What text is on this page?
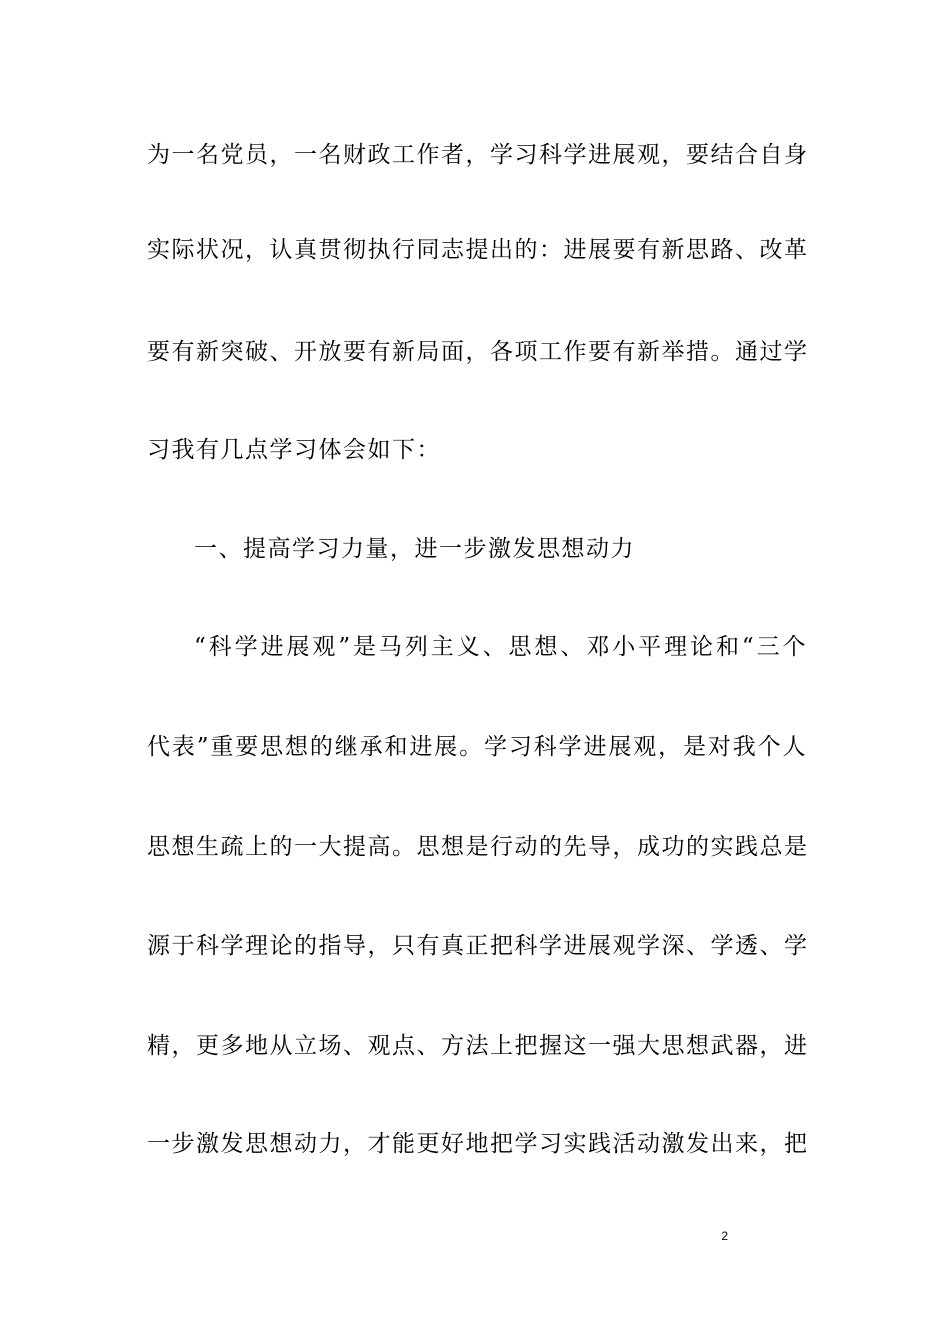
为一名党员，一名财政工作者，学习科学进展观，要结合自身
实际状况，认真贯彻执行同志提出的：进展要有新思路、改革
要有新突破、开放要有新局面，各项工作要有新举措。通过学
习我有几点学习体会如下：
一、提高学习力量，进一步激发思想动力
“科学进展观”是马列主义、思想、邓小平理论和“三个
代表”重要思想的继承和进展。学习科学进展观，是对我个人
思想生疏上的一大提高。思想是行动的先导，成功的实践总是
源于科学理论的指导，只有真正把科学进展观学深、学透、学
精，更多地从立场、观点、方法上把握这一强大思想武器，进
一步激发思想动力，才能更好地把学习实践活动激发出来，把
2
